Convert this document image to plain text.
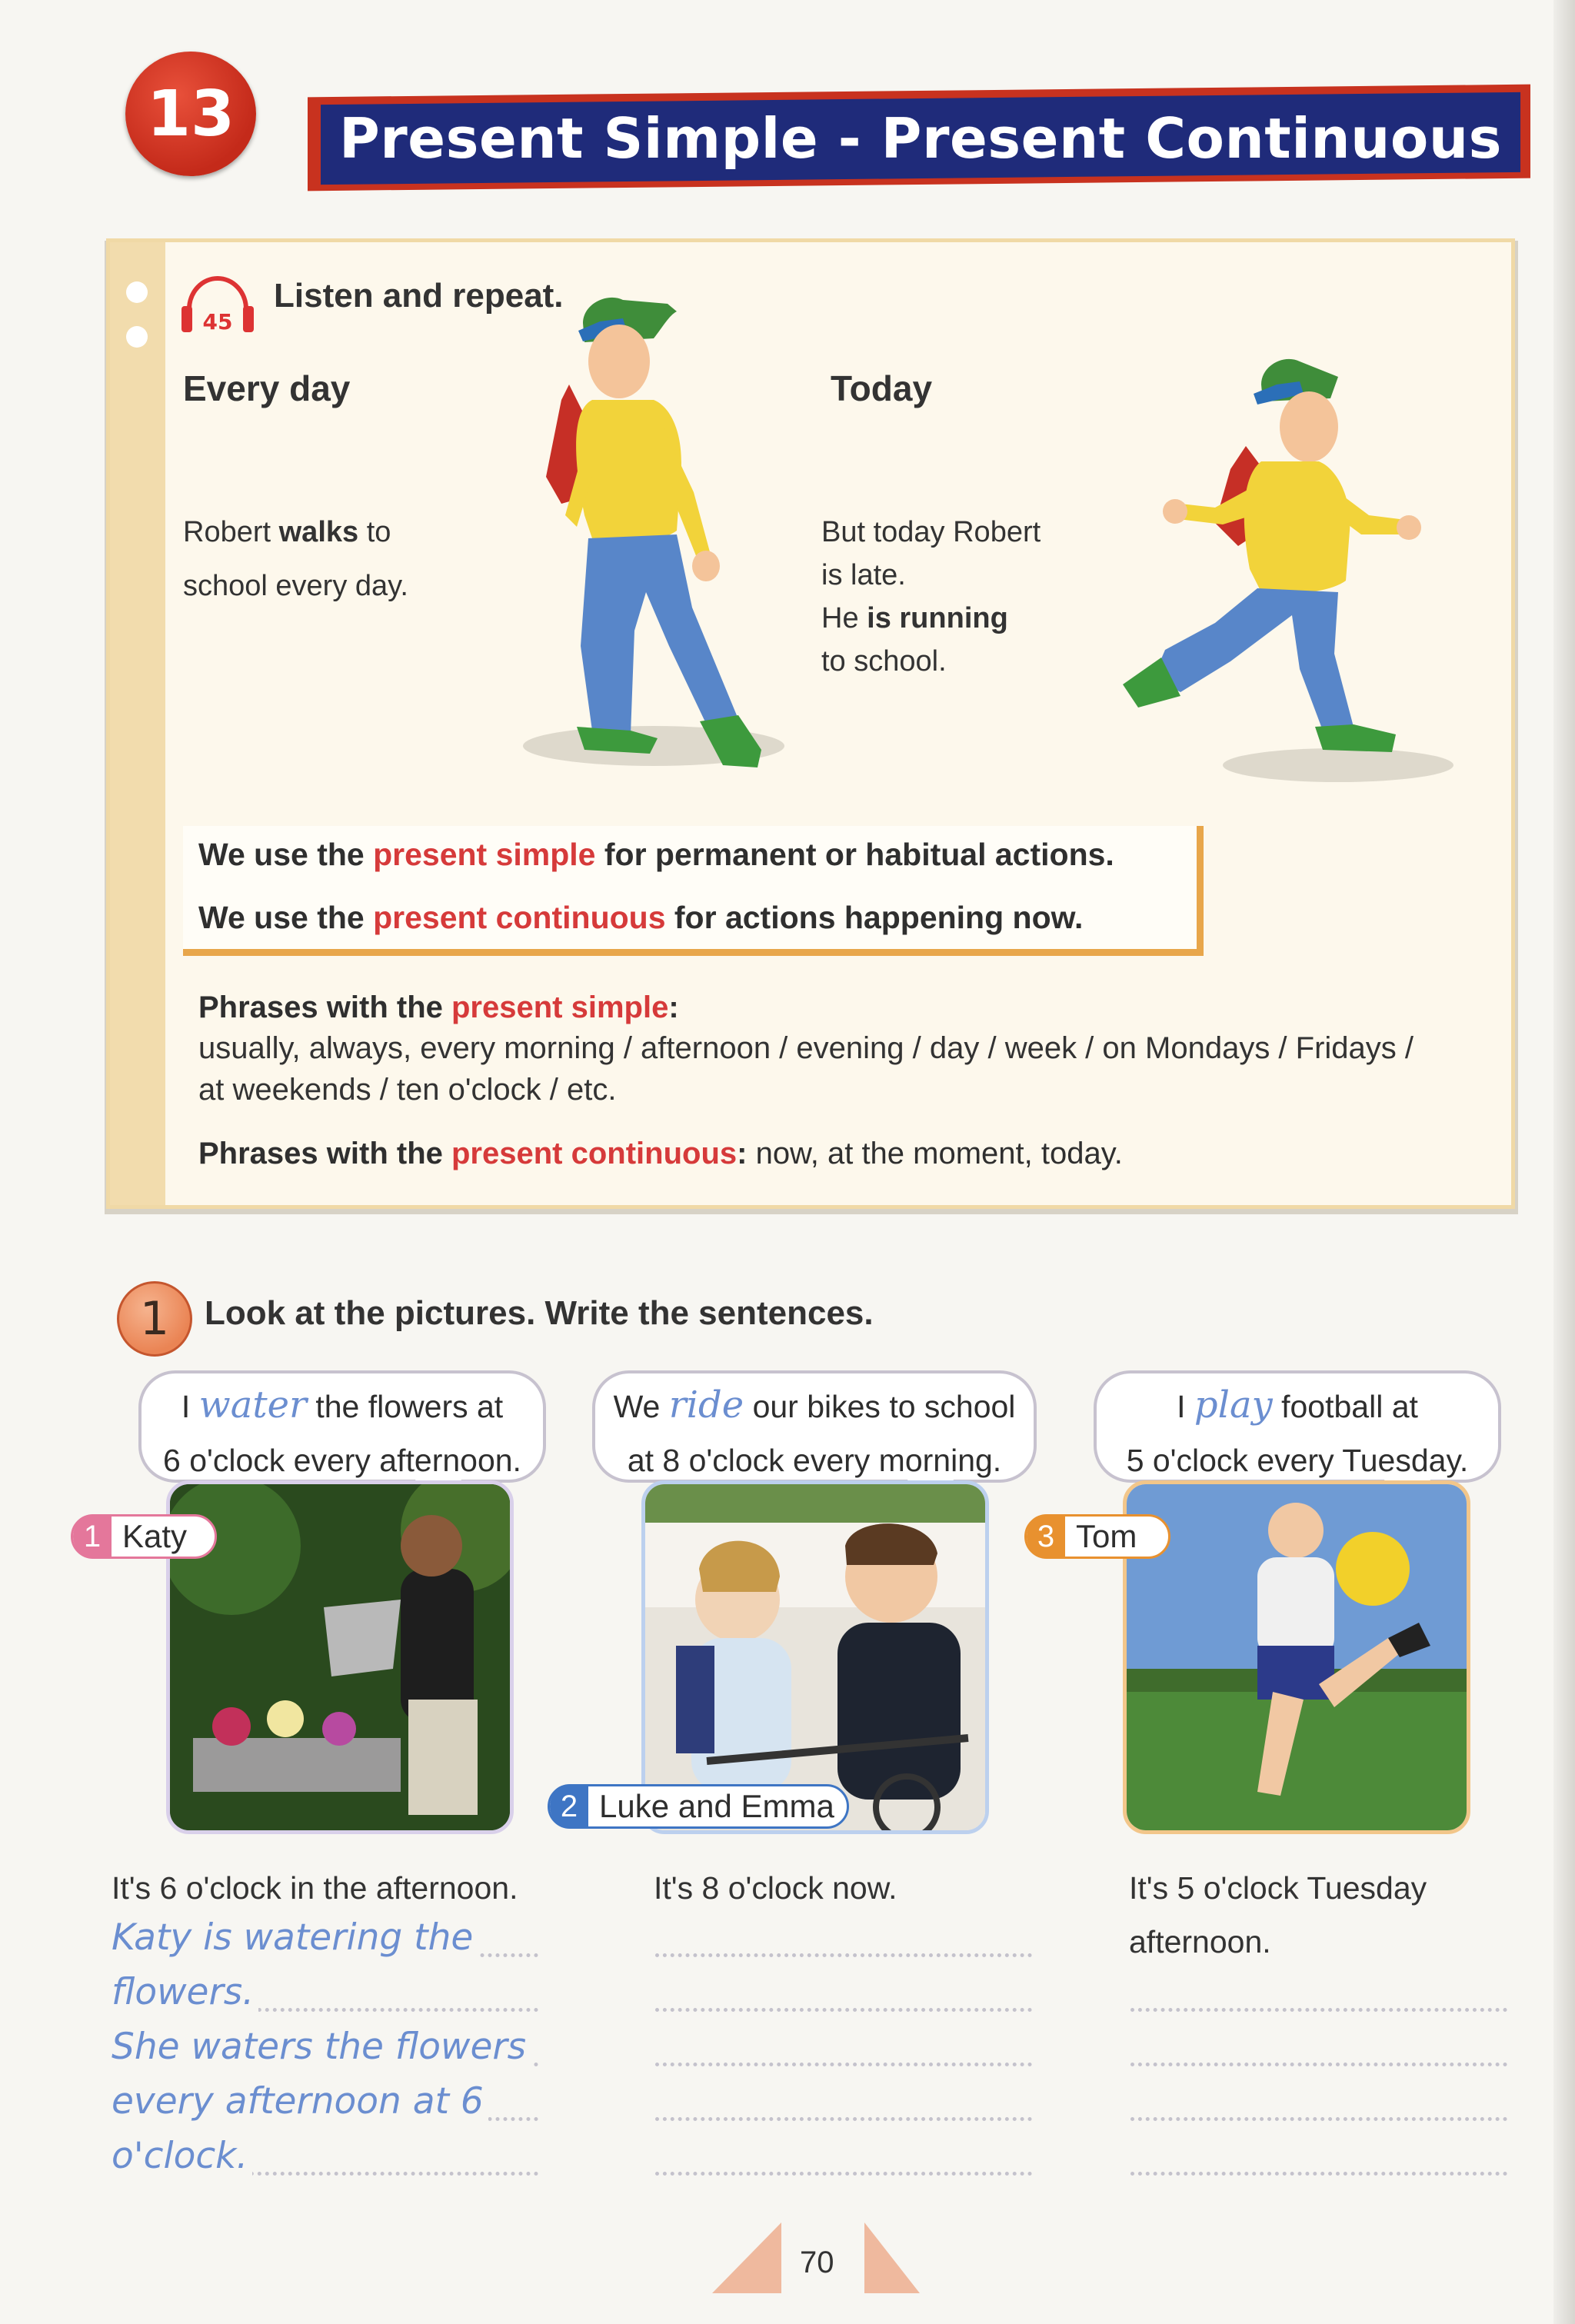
13	Present Simple - Present Continuous
45
Listen and repeat.
Every day
Robert walks to
school every day.
Today
But today Robert
is late.
He is running
to school.
We use the present simple for permanent or habitual actions.
We use the present continuous for actions happening now.
Phrases with the present simple:
usually, always, every morning / afternoon / evening / day / week / on Mondays / Fridays /
at weekends / ten o'clock / etc.
Phrases with the present continuous: now, at the moment, today.
1 Look at the pictures. Write the sentences.
I water the flowers at
6 o'clock every afternoon.
1 Katy
It's 6 o'clock in the afternoon.
Katy is watering the
flowers.
She waters the flowers
every afternoon at 6
o'clock.
We ride our bikes to school
at 8 o'clock every morning.
2 Luke and Emma
It's 8 o'clock now.
I play football at
5 o'clock every Tuesday.
3 Tom
It's 5 o'clock Tuesday
afternoon.
70
